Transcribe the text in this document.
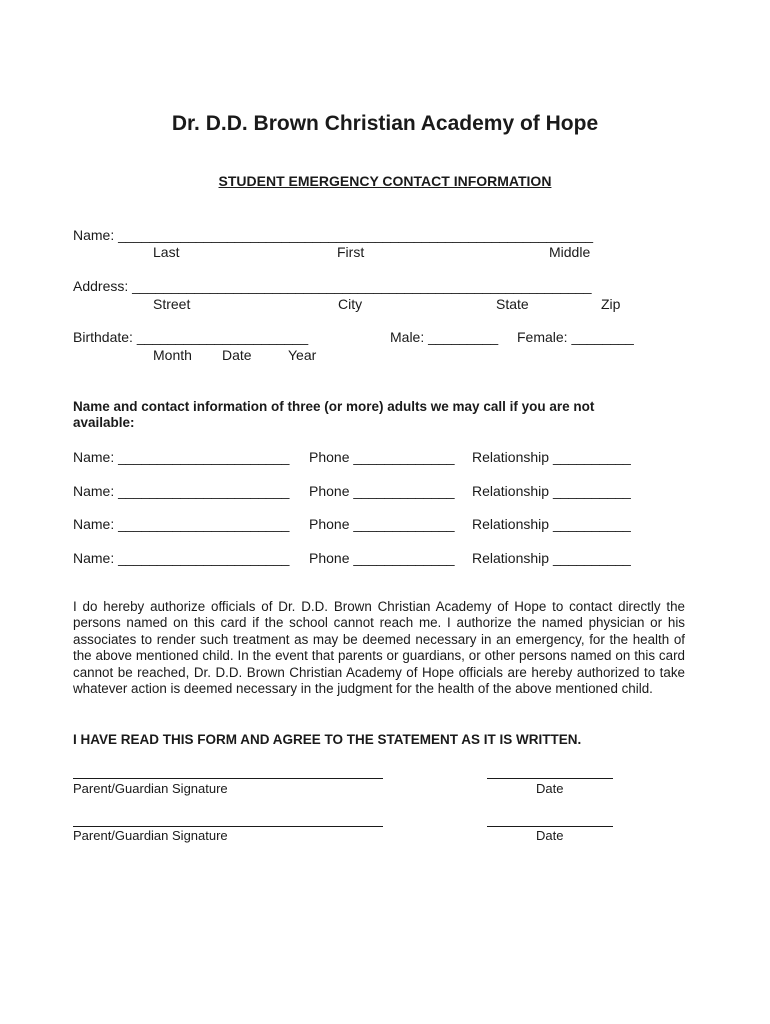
Dr. D.D. Brown Christian Academy of Hope
STUDENT EMERGENCY CONTACT INFORMATION
Name: _____________________________________________________________
Last	First	Middle
Address: ___________________________________________________________
Street	City	State	Zip
Birthdate: ______________________	Male: _________ Female: ________
Month Date	Year
Name and contact information of three (or more) adults we may call if you are not
available:
Name: ______________________ Phone _____________ Relationship __________
Name: ______________________ Phone _____________ Relationship __________
Name: ______________________ Phone _____________ Relationship __________
Name: ______________________ Phone _____________ Relationship __________
I do hereby authorize officials of Dr. D.D. Brown Christian Academy of Hope to contact directly the persons named on this card if the school cannot reach me. I authorize the named physician or his associates to render such treatment as may be deemed necessary in an emergency, for the health of the above mentioned child. In the event that parents or guardians, or other persons named on this card cannot be reached, Dr. D.D. Brown Christian Academy of Hope officials are hereby authorized to take whatever action is deemed necessary in the judgment for the health of the above mentioned child.
I HAVE READ THIS FORM AND AGREE TO THE STATEMENT AS IT IS WRITTEN.
Parent/Guardian Signature	Date
Parent/Guardian Signature	Date
